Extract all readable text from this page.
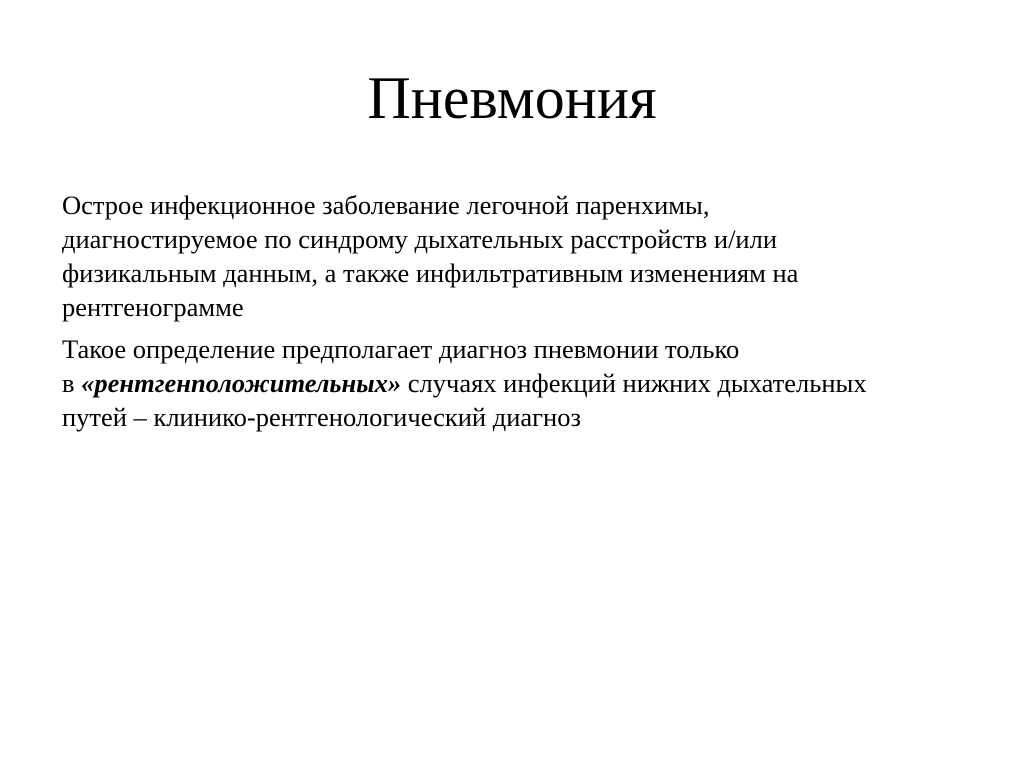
Пневмония

Острое инфекционное заболевание легочной паренхимы,
диагностируемое по синдрому дыхательных расстройств и/или
физикальным данным, а также инфильтративным изменениям на
рентгенограмме

Такое определение предполагает диагноз пневмонии только
в «рентгенположительных» случаях инфекций нижних дыхательных
путей – клинико-рентгенологический диагноз
